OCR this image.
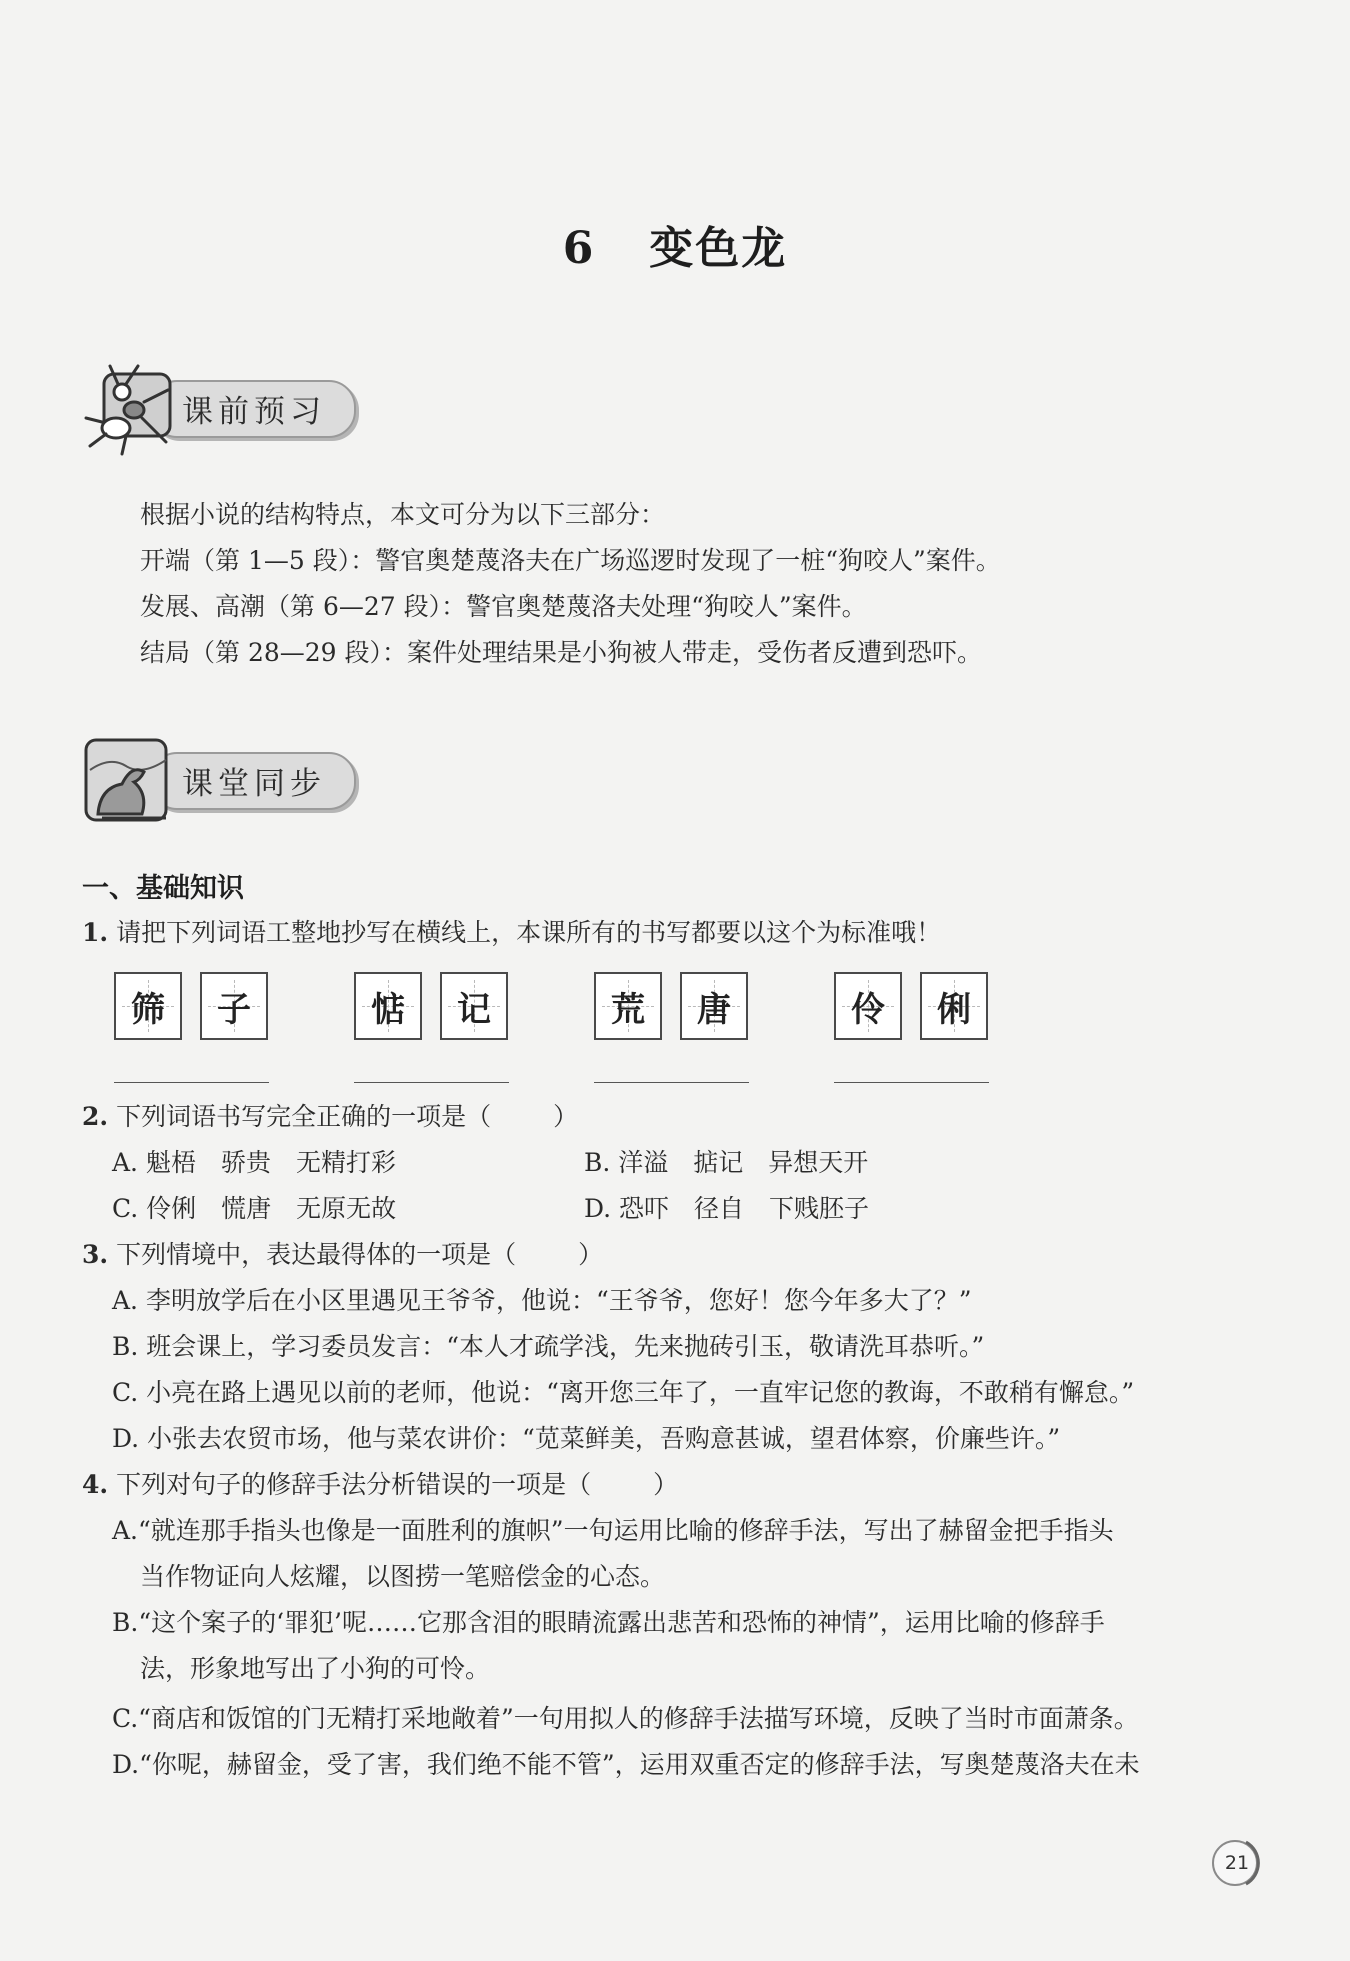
6 变色龙
课前预习
根据小说的结构特点，本文可分为以下三部分：
开端（第 1—5 段）：警官奥楚蔑洛夫在广场巡逻时发现了一桩“狗咬人”案件。
发展、高潮（第 6—27 段）：警官奥楚蔑洛夫处理“狗咬人”案件。
结局（第 28—29 段）：案件处理结果是小狗被人带走，受伤者反遭到恐吓。
课堂同步
一、基础知识
1. 请把下列词语工整地抄写在横线上，本课所有的书写都要以这个为标准哦！
筛	子	惦	记	荒	唐	伶	俐
2. 下列词语书写完全正确的一项是（ ）
A. 魁梧　骄贵　无精打彩	B. 洋溢　掂记　异想天开
C. 伶俐　慌唐　无原无故	D. 恐吓　径自　下贱胚子
3. 下列情境中，表达最得体的一项是（ ）
A. 李明放学后在小区里遇见王爷爷，他说：“王爷爷，您好！您今年多大了？”
B. 班会课上，学习委员发言：“本人才疏学浅，先来抛砖引玉，敬请洗耳恭听。”
C. 小亮在路上遇见以前的老师，他说：“离开您三年了，一直牢记您的教诲，不敢稍有懈怠。”
D. 小张去农贸市场，他与菜农讲价：“苋菜鲜美，吾购意甚诚，望君体察，价廉些许。”
4. 下列对句子的修辞手法分析错误的一项是（ ）
A.“就连那手指头也像是一面胜利的旗帜”一句运用比喻的修辞手法，写出了赫留金把手指头
当作物证向人炫耀，以图捞一笔赔偿金的心态。
B.“这个案子的‘罪犯’呢……它那含泪的眼睛流露出悲苦和恐怖的神情”，运用比喻的修辞手
法，形象地写出了小狗的可怜。
C.“商店和饭馆的门无精打采地敞着”一句用拟人的修辞手法描写环境，反映了当时市面萧条。
D.“你呢，赫留金，受了害，我们绝不能不管”，运用双重否定的修辞手法，写奥楚蔑洛夫在未
21
